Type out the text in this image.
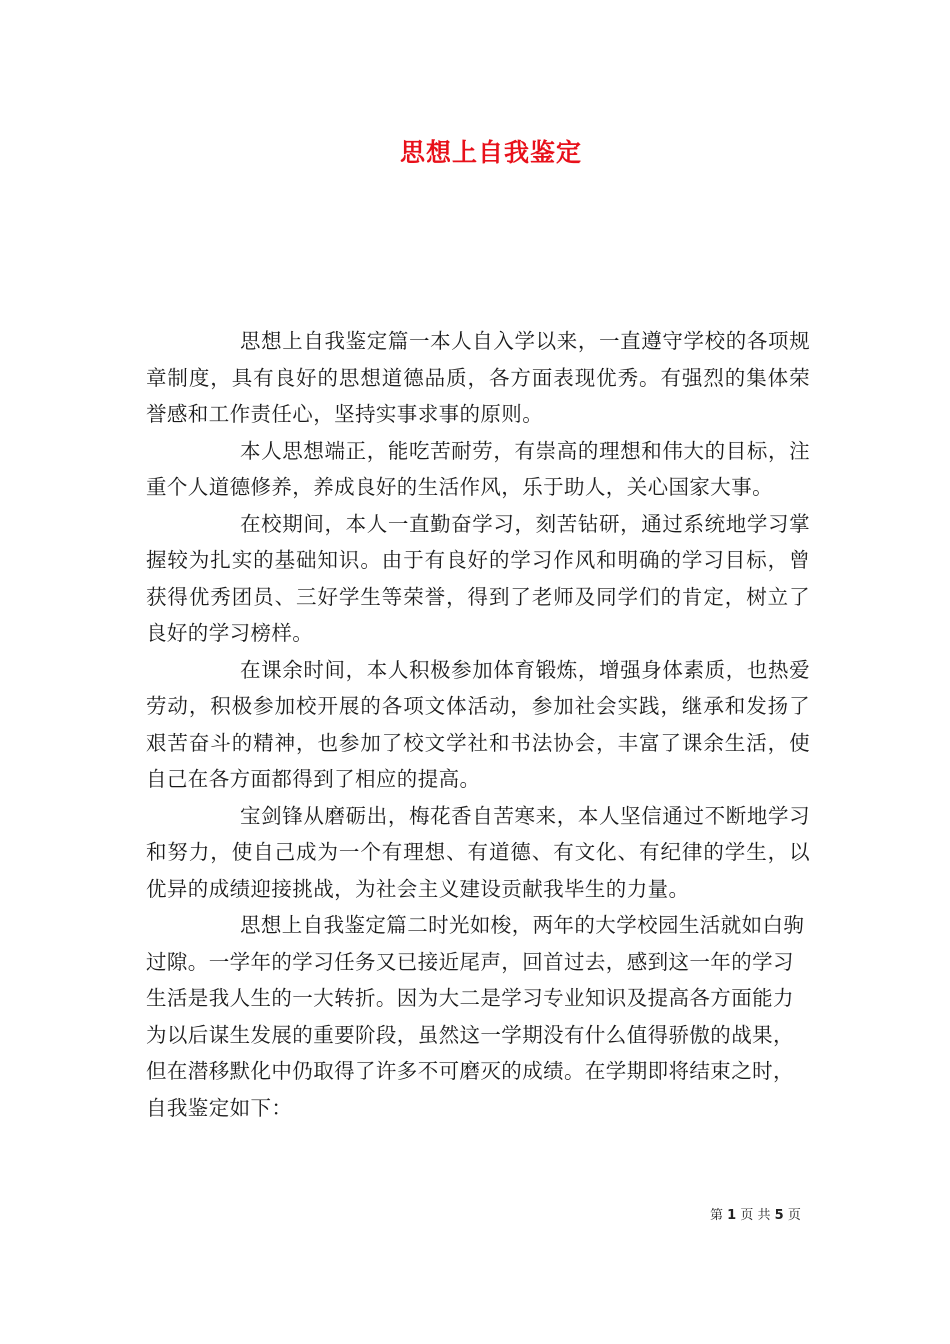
思想上自我鉴定

思想上自我鉴定篇一本人自入学以来，一直遵守学校的各项规章制度，具有良好的思想道德品质，各方面表现优秀。有强烈的集体荣誉感和工作责任心，坚持实事求事的原则。

本人思想端正，能吃苦耐劳，有崇高的理想和伟大的目标，注重个人道德修养，养成良好的生活作风，乐于助人，关心国家大事。

在校期间，本人一直勤奋学习，刻苦钻研，通过系统地学习掌握较为扎实的基础知识。由于有良好的学习作风和明确的学习目标，曾获得优秀团员、三好学生等荣誉，得到了老师及同学们的肯定，树立了良好的学习榜样。

在课余时间，本人积极参加体育锻炼，增强身体素质，也热爱劳动，积极参加校开展的各项文体活动，参加社会实践，继承和发扬了艰苦奋斗的精神，也参加了校文学社和书法协会，丰富了课余生活，使自己在各方面都得到了相应的提高。

宝剑锋从磨砺出，梅花香自苦寒来，本人坚信通过不断地学习和努力，使自己成为一个有理想、有道德、有文化、有纪律的学生，以优异的成绩迎接挑战，为社会主义建设贡献我毕生的力量。

思想上自我鉴定篇二时光如梭，两年的大学校园生活就如白驹过隙。一学年的学习任务又已接近尾声，回首过去，感到这一年的学习生活是我人生的一大转折。因为大二是学习专业知识及提高各方面能力为以后谋生发展的重要阶段，虽然这一学期没有什么值得骄傲的战果，但在潜移默化中仍取得了许多不可磨灭的成绩。在学期即将结束之时，自我鉴定如下：

第 1 页 共 5 页
